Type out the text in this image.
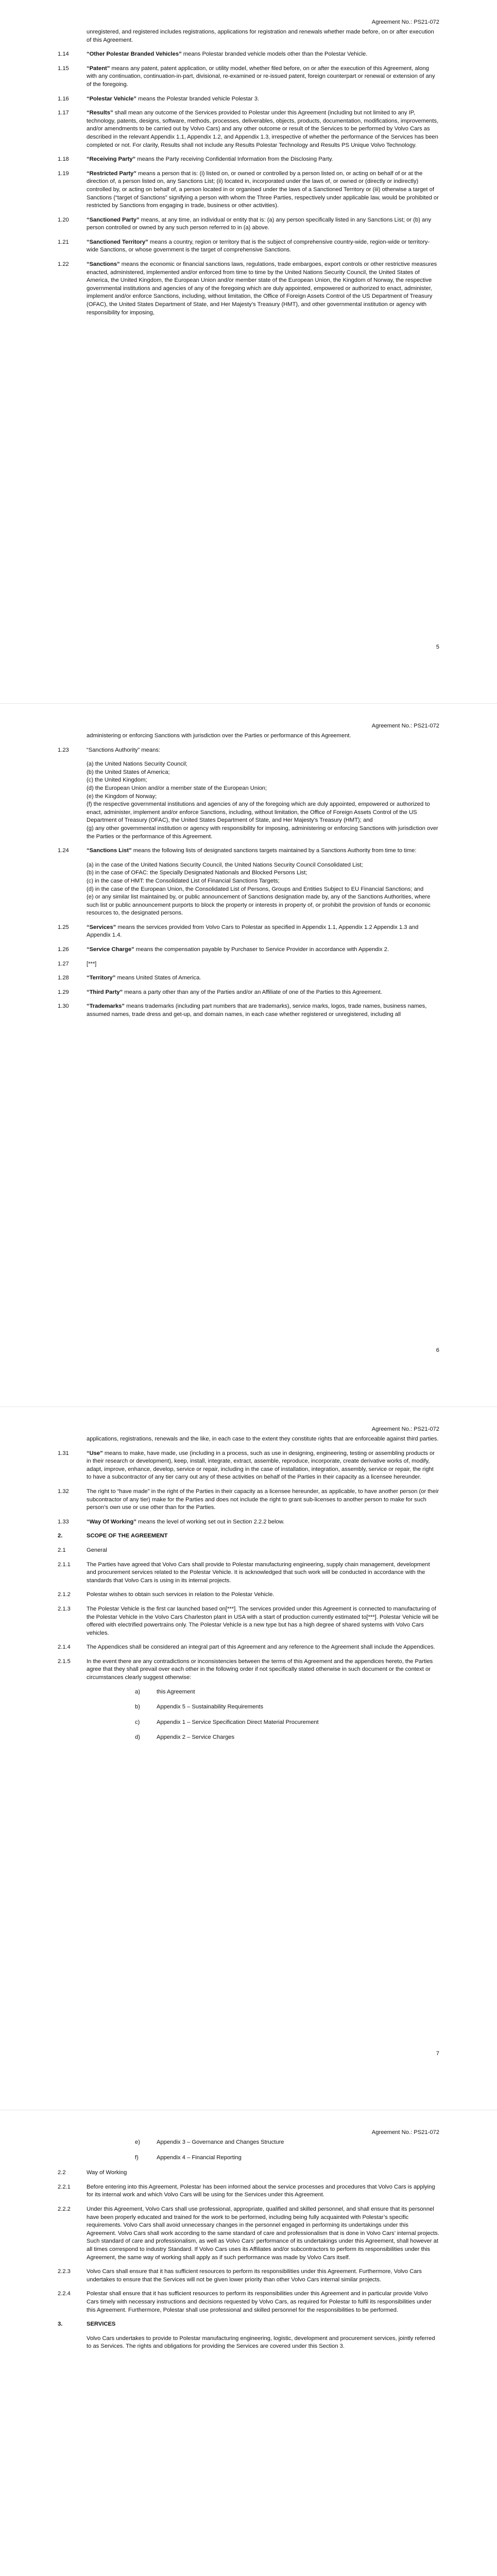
Agreement No.: PS21-072
unregistered, and registered includes registrations, applications for registration and renewals whether made before, on or after execution of this Agreement.
1.14	“Other Polestar Branded Vehicles” means Polestar branded vehicle models other than the Polestar Vehicle.
1.15	“Patent” means any patent, patent application, or utility model, whether filed before, on or after the execution of this Agreement, along with any continuation, continuation-in-part, divisional, re-examined or re-issued patent, foreign counterpart or renewal or extension of any of the foregoing.
1.16	“Polestar Vehicle” means the Polestar branded vehicle Polestar 3.
1.17	“Results” shall mean any outcome of the Services provided to Polestar under this Agreement (including but not limited to any IP, technology, patents, designs, software, methods, processes, deliverables, objects, products, documentation, modifications, improvements, and/or amendments to be carried out by Volvo Cars) and any other outcome or result of the Services to be performed by Volvo Cars as described in the relevant Appendix 1.1, Appendix 1.2, and Appendix 1.3, irrespective of whether the performance of the Services has been completed or not. For clarity, Results shall not include any Results Polestar Technology and Results PS Unique Volvo Technology.
1.18	“Receiving Party” means the Party receiving Confidential Information from the Disclosing Party.
1.19	“Restricted Party” means a person that is: (i) listed on, or owned or controlled by a person listed on, or acting on behalf of or at the direction of, a person listed on, any Sanctions List; (ii) located in, incorporated under the laws of, or owned or (directly or indirectly) controlled by, or acting on behalf of, a person located in or organised under the laws of a Sanctioned Territory or (iii) otherwise a target of Sanctions (“target of Sanctions” signifying a person with whom the Three Parties, respectively under applicable law, would be prohibited or restricted by Sanctions from engaging in trade, business or other activities).
1.20	“Sanctioned Party” means, at any time, an individual or entity that is: (a) any person specifically listed in any Sanctions List; or (b) any person controlled or owned by any such person referred to in (a) above.
1.21	“Sanctioned Territory” means a country, region or territory that is the subject of comprehensive country-wide, region-wide or territory-wide Sanctions, or whose government is the target of comprehensive Sanctions.
1.22	“Sanctions” means the economic or financial sanctions laws, regulations, trade embargoes, export controls or other restrictive measures enacted, administered, implemented and/or enforced from time to time by the United Nations Security Council, the United States of America, the United Kingdom, the European Union and/or member state of the European Union, the Kingdom of Norway, the respective governmental institutions and agencies of any of the foregoing which are duly appointed, empowered or authorized to enact, administer, implement and/or enforce Sanctions, including, without limitation, the Office of Foreign Assets Control of the US Department of Treasury (OFAC), the United States Department of State, and Her Majesty’s Treasury (HMT), and other governmental institution or agency with responsibility for imposing,
5
Agreement No.: PS21-072
administering or enforcing Sanctions with jurisdiction over the Parties or performance of this Agreement.
1.23	“Sanctions Authority” means:
(a) the United Nations Security Council;
(b) the United States of America;
(c) the United Kingdom;
(d) the European Union and/or a member state of the European Union;
(e) the Kingdom of Norway;
(f) the respective governmental institutions and agencies of any of the foregoing which are duly appointed, empowered or authorized to enact, administer, implement and/or enforce Sanctions, including, without limitation, the Office of Foreign Assets Control of the US Department of Treasury (OFAC), the United States Department of State, and Her Majesty’s Treasury (HMT); and
(g) any other governmental institution or agency with responsibility for imposing, administering or enforcing Sanctions with jurisdiction over the Parties or the performance of this Agreement.
1.24	“Sanctions List” means the following lists of designated sanctions targets maintained by a Sanctions Authority from time to time:
(a) in the case of the United Nations Security Council, the United Nations Security Council Consolidated List;
(b) in the case of OFAC: the Specially Designated Nationals and Blocked Persons List;
(c) in the case of HMT: the Consolidated List of Financial Sanctions Targets;
(d) in the case of the European Union, the Consolidated List of Persons, Groups and Entities Subject to EU Financial Sanctions; and
(e) or any similar list maintained by, or public announcement of Sanctions designation made by, any of the Sanctions Authorities, where such list or public announcement purports to block the property or interests in property of, or prohibit the provision of funds or economic resources to, the designated persons.
1.25	“Services” means the services provided from Volvo Cars to Polestar as specified in Appendix 1.1, Appendix 1.2 Appendix 1.3 and Appendix 1.4.
1.26	“Service Charge” means the compensation payable by Purchaser to Service Provider in accordance with Appendix 2.
1.27	[***]
1.28	“Territory” means United States of America.
1.29	“Third Party” means a party other than any of the Parties and/or an Affiliate of one of the Parties to this Agreement.
1.30	“Trademarks” means trademarks (including part numbers that are trademarks), service marks, logos, trade names, business names, assumed names, trade dress and get-up, and domain names, in each case whether registered or unregistered, including all
6
Agreement No.: PS21-072
applications, registrations, renewals and the like, in each case to the extent they constitute rights that are enforceable against third parties.
1.31	“Use” means to make, have made, use (including in a process, such as use in designing, engineering, testing or assembling products or in their research or development), keep, install, integrate, extract, assemble, reproduce, incorporate, create derivative works of, modify, adapt, improve, enhance, develop, service or repair, including in the case of installation, integration, assembly, service or repair, the right to have a subcontractor of any tier carry out any of these activities on behalf of the Parties in their capacity as a licensee hereunder.
1.32	The right to “have made” in the right of the Parties in their capacity as a licensee hereunder, as applicable, to have another person (or their subcontractor of any tier) make for the Parties and does not include the right to grant sub-licenses to another person to make for such person’s own use or use other than for the Parties.
1.33	“Way Of Working” means the level of working set out in Section 2.2.2 below.
2.	SCOPE OF THE AGREEMENT
2.1	General
2.1.1	The Parties have agreed that Volvo Cars shall provide to Polestar manufacturing engineering, supply chain management, development and procurement services related to the Polestar Vehicle. It is acknowledged that such work will be conducted in accordance with the standards that Volvo Cars is using in its internal projects.
2.1.2	Polestar wishes to obtain such services in relation to the Polestar Vehicle.
2.1.3	The Polestar Vehicle is the first car launched based on[***]. The services provided under this Agreement is connected to manufacturing of the Polestar Vehicle in the Volvo Cars Charleston plant in USA with a start of production currently estimated to[***]. Polestar Vehicle will be offered with electrified powertrains only. The Polestar Vehicle is a new type but has a high degree of shared systems with Volvo Cars vehicles.
2.1.4	The Appendices shall be considered an integral part of this Agreement and any reference to the Agreement shall include the Appendices.
2.1.5	In the event there are any contradictions or inconsistencies between the terms of this Agreement and the appendices hereto, the Parties agree that they shall prevail over each other in the following order if not specifically stated otherwise in such document or the context or circumstances clearly suggest otherwise:
a)	this Agreement
b)	Appendix 5 – Sustainability Requirements
c)	Appendix 1 – Service Specification Direct Material Procurement
d)	Appendix 2 – Service Charges
7
Agreement No.: PS21-072
e)	Appendix 3 – Governance and Changes Structure
f)	Appendix 4 – Financial Reporting
2.2	Way of Working
2.2.1	Before entering into this Agreement, Polestar has been informed about the service processes and procedures that Volvo Cars is applying for its internal work and which Volvo Cars will be using for the Services under this Agreement.
2.2.2	Under this Agreement, Volvo Cars shall use professional, appropriate, qualified and skilled personnel, and shall ensure that its personnel have been properly educated and trained for the work to be performed, including being fully acquainted with Polestar’s specific requirements. Volvo Cars shall avoid unnecessary changes in the personnel engaged in performing its undertakings under this Agreement. Volvo Cars shall work according to the same standard of care and professionalism that is done in Volvo Cars’ internal projects. Such standard of care and professionalism, as well as Volvo Cars’ performance of its undertakings under this Agreement, shall however at all times correspond to industry Standard. If Volvo Cars uses its Affiliates and/or subcontractors to perform its responsibilities under this Agreement, the same way of working shall apply as if such performance was made by Volvo Cars itself.
2.2.3	Volvo Cars shall ensure that it has sufficient resources to perform its responsibilities under this Agreement. Furthermore, Volvo Cars undertakes to ensure that the Services will not be given lower priority than other Volvo Cars internal similar projects.
2.2.4	Polestar shall ensure that it has sufficient resources to perform its responsibilities under this Agreement and in particular provide Volvo Cars timely with necessary instructions and decisions requested by Volvo Cars, as required for Polestar to fulfil its responsibilities under this Agreement. Furthermore, Polestar shall use professional and skilled personnel for the responsibilities to be performed.
3.	SERVICES
Volvo Cars undertakes to provide to Polestar manufacturing engineering, logistic, development and procurement services, jointly referred to as Services. The rights and obligations for providing the Services are covered under this Section 3.
